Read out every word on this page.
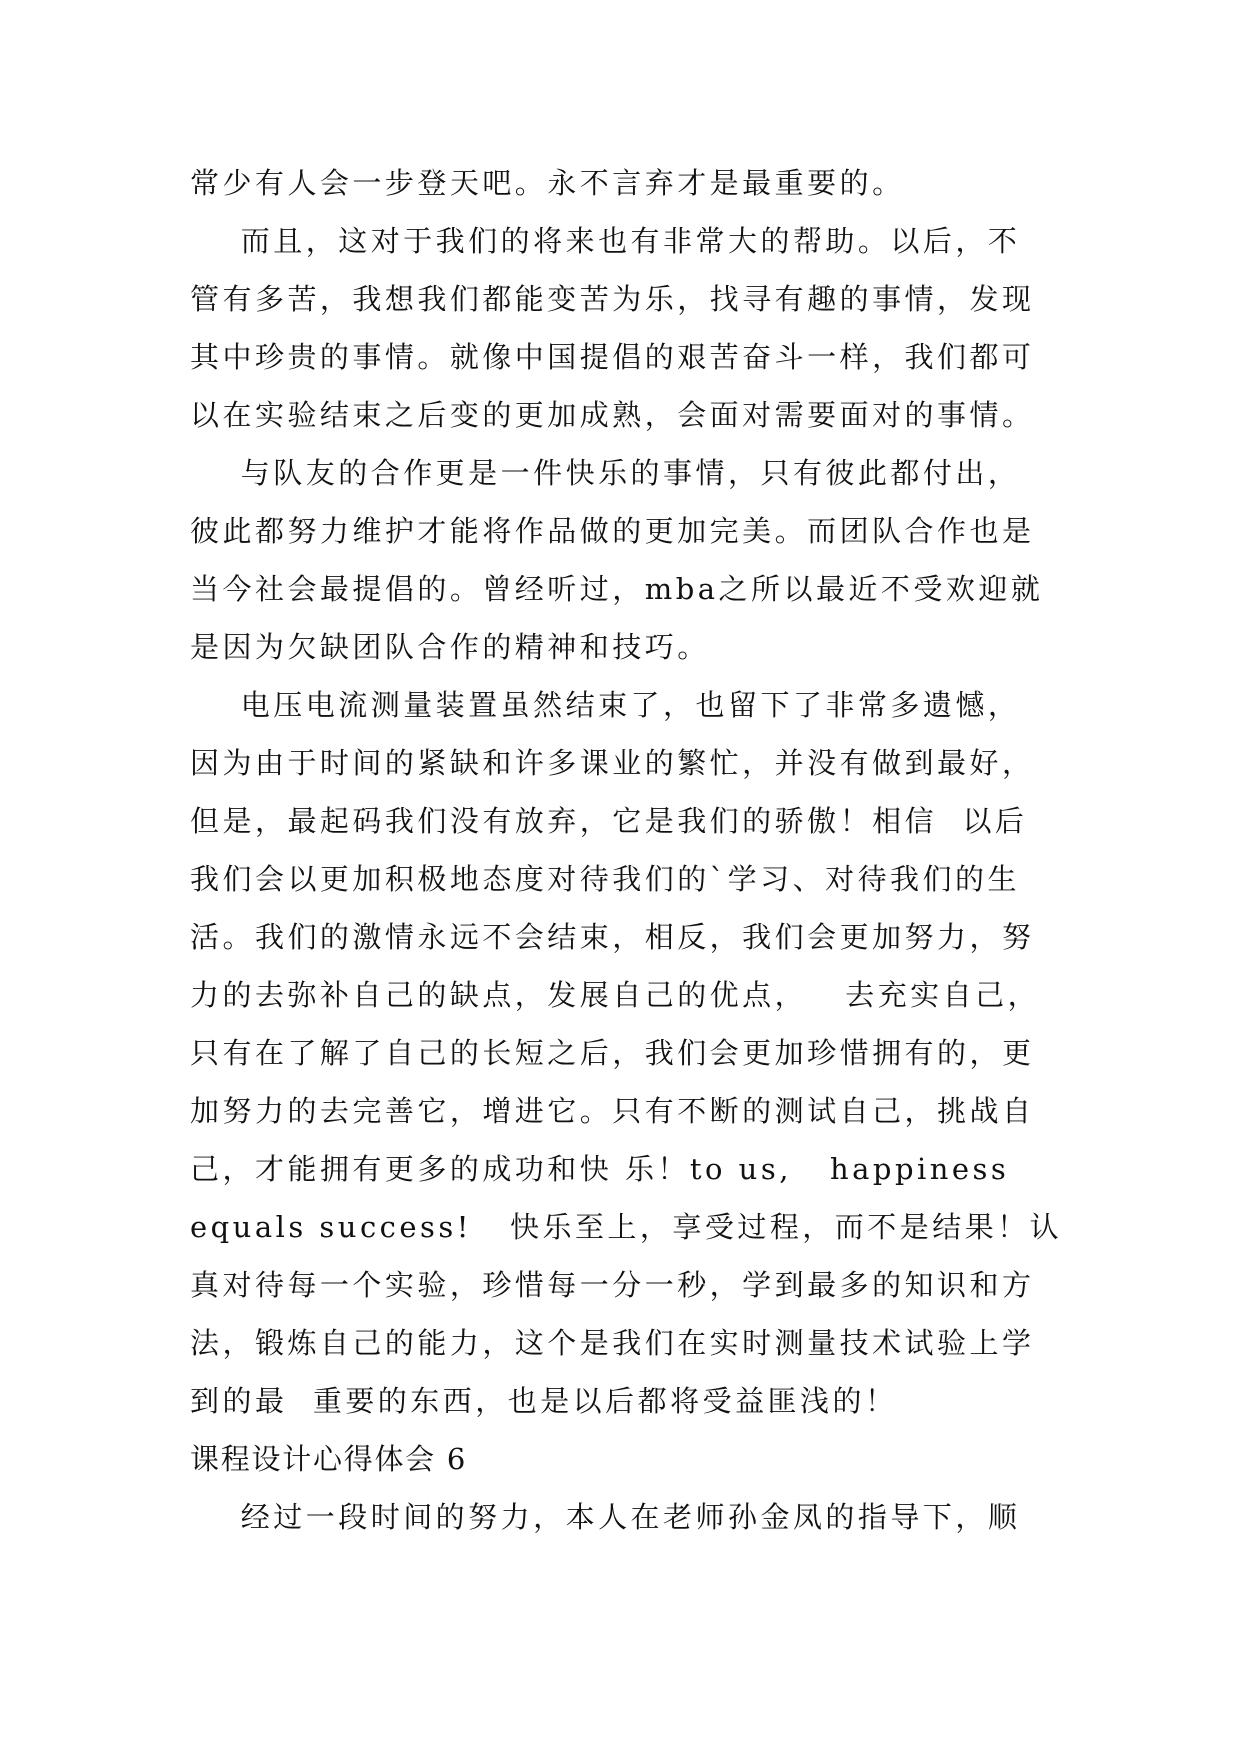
常少有人会一步登天吧。永不言弃才是最重要的。
而且，这对于我们的将来也有非常大的帮助。以后，不
管有多苦，我想我们都能变苦为乐，找寻有趣的事情，发现
其中珍贵的事情。就像中国提倡的艰苦奋斗一样，我们都可
以在实验结束之后变的更加成熟，会面对需要面对的事情。
与队友的合作更是一件快乐的事情，只有彼此都付出，
彼此都努力维护才能将作品做的更加完美。而团队合作也是
当今社会最提倡的。曾经听过，mba之所以最近不受欢迎就
是因为欠缺团队合作的精神和技巧。
电压电流测量装置虽然结束了，也留下了非常多遗憾，
因为由于时间的紧缺和许多课业的繁忙，并没有做到最好，
但是，最起码我们没有放弃，它是我们的骄傲！相信  以后
我们会以更加积极地态度对待我们的`学习、对待我们的生
活。我们的激情永远不会结束，相反，我们会更加努力，努
力的去弥补自己的缺点，发展自己的优点，   去充实自己，
只有在了解了自己的长短之后，我们会更加珍惜拥有的，更
加努力的去完善它，增进它。只有不断的测试自己，挑战自
己，才能拥有更多的成功和快 乐！to us,   happiness
equals success!   快乐至上，享受过程，而不是结果！认
真对待每一个实验，珍惜每一分一秒，学到最多的知识和方
法，锻炼自己的能力，这个是我们在实时测量技术试验上学
到的最  重要的东西，也是以后都将受益匪浅的！
课程设计心得体会 6
经过一段时间的努力，本人在老师孙金凤的指导下，顺
